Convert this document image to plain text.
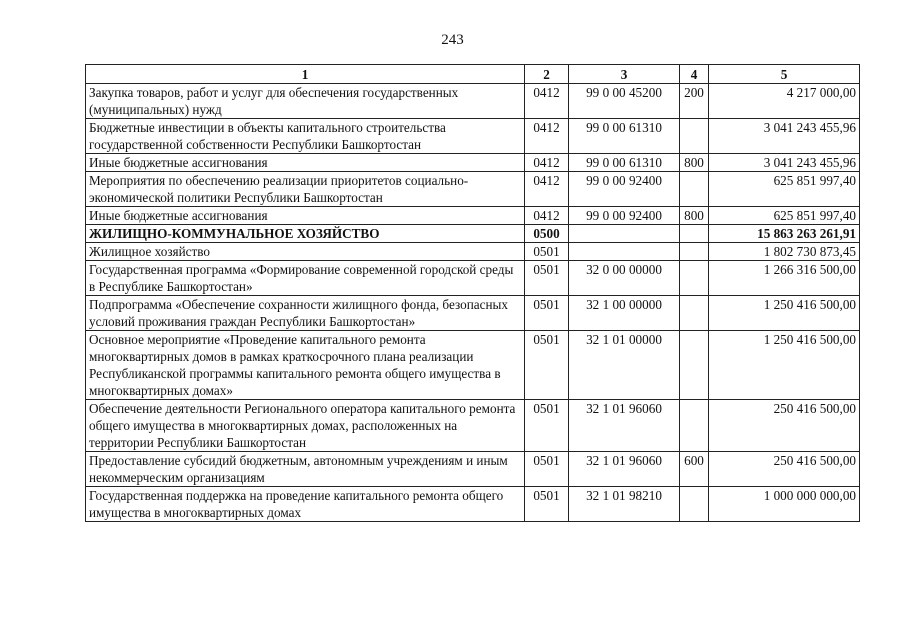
243
1	2	3	4	5
Закупка товаров, работ и услуг для обеспечения государственных (муниципальных) нужд	0412	99 0 00 45200	200	4 217 000,00
Бюджетные инвестиции в объекты капитального строительства государственной собственности Республики Башкортостан	0412	99 0 00 61310		3 041 243 455,96
Иные бюджетные ассигнования	0412	99 0 00 61310	800	3 041 243 455,96
Мероприятия по обеспечению реализации приоритетов социально-экономической политики Республики Башкортостан	0412	99 0 00 92400		625 851 997,40
Иные бюджетные ассигнования	0412	99 0 00 92400	800	625 851 997,40
ЖИЛИЩНО-КОММУНАЛЬНОЕ ХОЗЯЙСТВО	0500			15 863 263 261,91
Жилищное хозяйство	0501			1 802 730 873,45
Государственная программа «Формирование современной городской среды в Республике Башкортостан»	0501	32 0 00 00000		1 266 316 500,00
Подпрограмма «Обеспечение сохранности жилищного фонда, безопасных условий проживания граждан Республики Башкортостан»	0501	32 1 00 00000		1 250 416 500,00
Основное мероприятие «Проведение капитального ремонта многоквартирных домов в рамках краткосрочного плана реализации Республиканской программы капитального ремонта общего имущества в многоквартирных домах»	0501	32 1 01 00000		1 250 416 500,00
Обеспечение деятельности Регионального оператора капитального ремонта общего имущества в многоквартирных домах, расположенных на территории Республики Башкортостан	0501	32 1 01 96060		250 416 500,00
Предоставление субсидий бюджетным, автономным учреждениям и иным некоммерческим организациям	0501	32 1 01 96060	600	250 416 500,00
Государственная поддержка на проведение капитального ремонта общего имущества в многоквартирных домах	0501	32 1 01 98210		1 000 000 000,00
